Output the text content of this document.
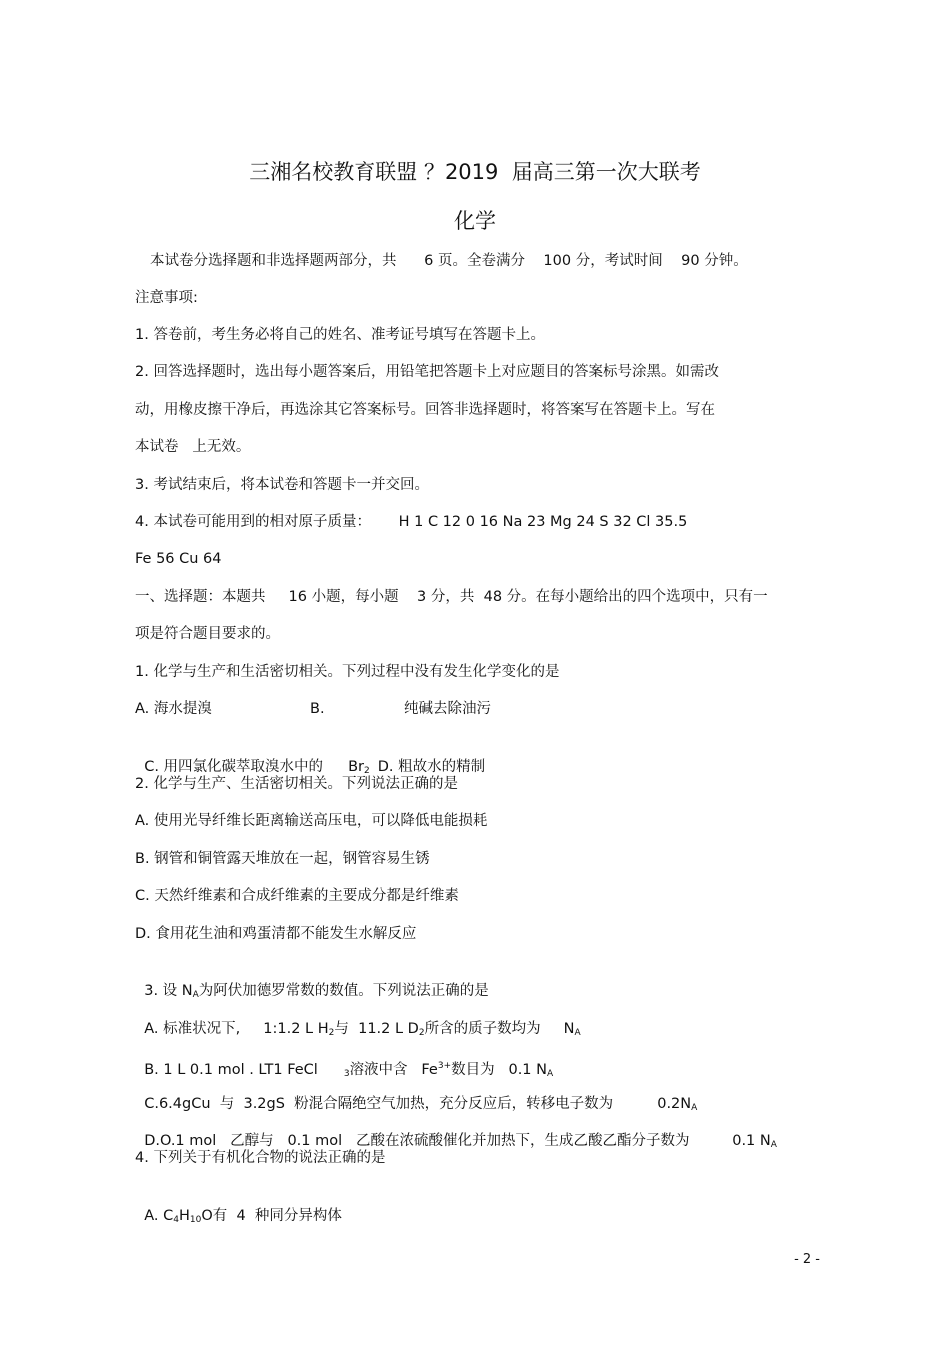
三湘名校教育联盟 ？2019  届高三第一次大联考
化学
本试卷分选择题和非选择题两部分，共      6 页。全卷满分    100 分，考试时间    90 分钟。
注意事项:
1. 答卷前，考生务必将自己的姓名、准考证号填写在答题卡上。
2. 回答选择题时，选出每小题答案后，用铅笔把答题卡上对应题目的答案标号涂黑。如需改
动，用橡皮擦干净后，再选涂其它答案标号。回答非选择题时，将答案写在答题卡上。写在
本试卷   上无效。
3. 考试结束后，将本试卷和答题卡一并交回。
4. 本试卷可能用到的相对原子质量：      H 1 C 12 0 16 Na 23 Mg 24 S 32 Cl 35.5
Fe 56 Cu 64
一、选择题：本题共     16 小题，每小题    3 分，共  48 分。在每小题给出的四个选项中，只有一
项是符合题目要求的。
1. 化学与生产和生活密切相关。下列过程中没有发生化学变化的是
A. 海水提溴	B.	纯碱去除油污

C. 用四氯化碳萃取溴水中的 $Br_2$ D. 粗故水的精制

2. 化学与生产、生活密切相关。下列说法正确的是
A. 使用光导纤维长距离输送高压电，可以降低电能损耗
B. 钢管和铜管露天堆放在一起，钢管容易生锈
C. 天然纤维素和合成纤维素的主要成分都是纤维素
D. 食用花生油和鸡蛋清都不能发生水解反应

3. 设 $N_A$为阿伏加德罗常数的数值。下列说法正确的是

A. 标准状况下,     1:1.2 L $H_2$与  11.2 L $D_2$所含的质子数均为     $N_A$

B. 1 L 0.1 mol . LT1 FeCl	$_3$溶液中含   $Fe^{3+}$数目为   0.1 $N_A$

C.6.4gCu  与  3.2gS  粉混合隔绝空气加热，充分反应后，转移电子数为	$0.2N_A$

D.O.1 mol   乙醇与   0.1 mol   乙酸在浓硫酸催化并加热下，生成乙酸乙酯分子数为	0.1 $N_A$

4. 下列关于有机化合物的说法正确的是

A. $C_4H_{10}O$有  4  种同分异构体

- 2 -
